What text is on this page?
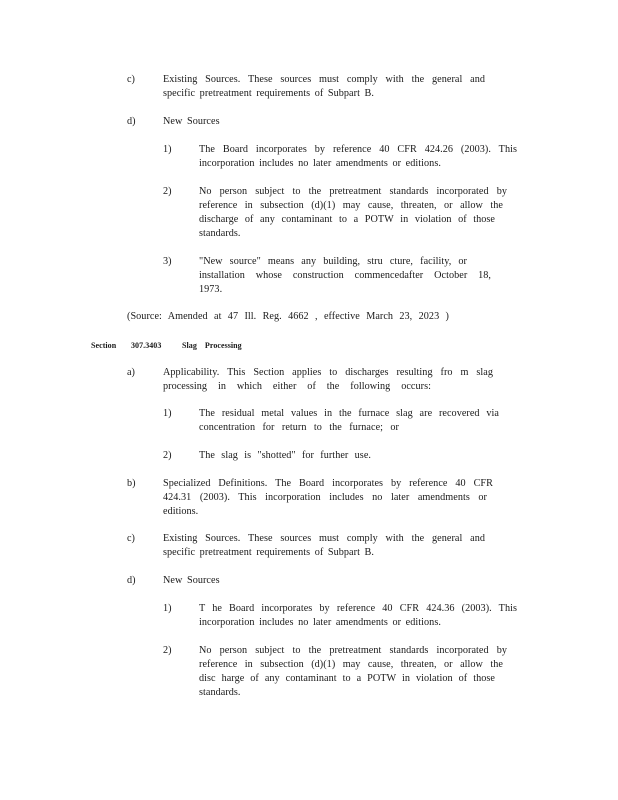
c)	Existing Sources. These sources must comply with the general and
specific pretreatment requirements of Subpart B.
d)	New Sources
1)	The Board incorporates by reference 40 CFR 424.26 (2003). This
incorporation includes no later amendments or editions.
2)	No person subject to the pretreatment standards incorporated by
reference in subsection (d)(1) may cause, threaten, or allow the
discharge of any contaminant to a POTW in violation of those
standards.
3)	"New source" means any building, stru cture, facility, or
installation whose construction commencedafter October 18,
1973.
(Source: Amended at 47 Ill. Reg. 4662 , effective March 23, 2023 )
Section 307.3403	Slag Processing
a)	Applicability. This Section applies to discharges resulting fro m slag
processing in which either of the following occurs:
1)	The residual metal values in the furnace slag are recovered via
concentration for return to the furnace; or
2)	The slag is "shotted" for further use.
b)	Specialized Definitions. The Board incorporates by reference 40 CFR
424.31 (2003). This incorporation includes no later amendments or
editions.
c)	Existing Sources. These sources must comply with the general and
specific pretreatment requirements of Subpart B.
d)	New Sources
1)	T he Board incorporates by reference 40 CFR 424.36 (2003). This
incorporation includes no later amendments or editions.
2)	No person subject to the pretreatment standards incorporated by
reference in subsection (d)(1) may cause, threaten, or allow the
disc harge of any contaminant to a POTW in violation of those
standards.
